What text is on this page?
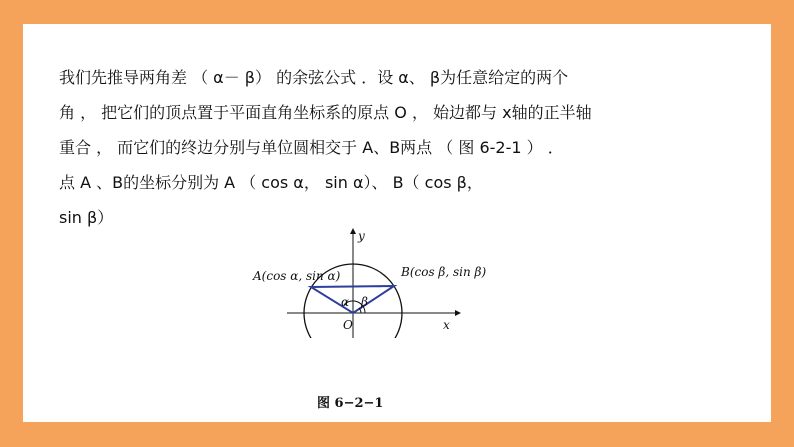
我们先推导两角差 （ α－ β） 的余弦公式 ．设 α、 β为任意给定的两个
角 ， 把它们的顶点置于平面直角坐标系的原点 O ， 始边都与 x轴的正半轴
重合 ， 而它们的终边分别与单位圆相交于 A、B两点 （ 图 6-2-1 ） ．
点 A 、B的坐标分别为 A （ cos α， sin α）、 B（ cos β，
sin β）
y
x
O
α β
A(cos α, sin α)	B(cos β, sin β)
图 6−2−1
